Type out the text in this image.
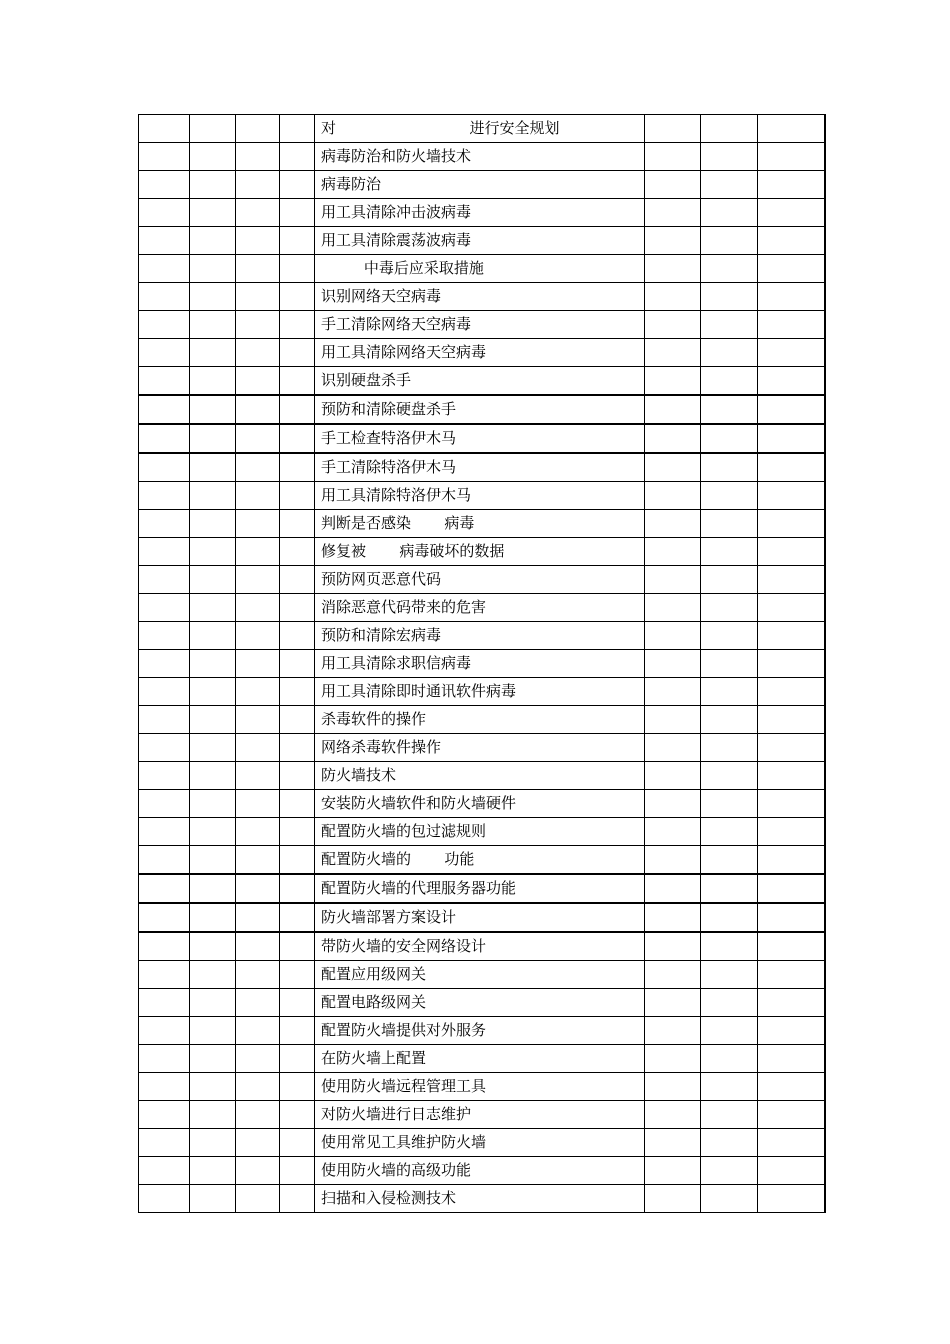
				对                            进行安全规划			
				病毒防治和防火墙技术			
				病毒防治			
				用工具清除冲击波病毒			
				用工具清除震荡波病毒			
				中毒后应采取措施			
				识别网络天空病毒			
				手工清除网络天空病毒			
				用工具清除网络天空病毒			
				识别硬盘杀手			
				预防和清除硬盘杀手			
				手工检查特洛伊木马			
				手工清除特洛伊木马			
				用工具清除特洛伊木马			
				判断是否感染       病毒			
				修复被       病毒破坏的数据			
				预防网页恶意代码			
				消除恶意代码带来的危害			
				预防和清除宏病毒			
				用工具清除求职信病毒			
				用工具清除即时通讯软件病毒			
				杀毒软件的操作			
				网络杀毒软件操作			
				防火墙技术			
				安装防火墙软件和防火墙硬件			
				配置防火墙的包过滤规则			
				配置防火墙的       功能			
				配置防火墙的代理服务器功能			
				防火墙部署方案设计			
				带防火墙的安全网络设计			
				配置应用级网关			
				配置电路级网关			
				配置防火墙提供对外服务			
				在防火墙上配置			
				使用防火墙远程管理工具			
				对防火墙进行日志维护			
				使用常见工具维护防火墙			
				使用防火墙的高级功能			
				扫描和入侵检测技术			
